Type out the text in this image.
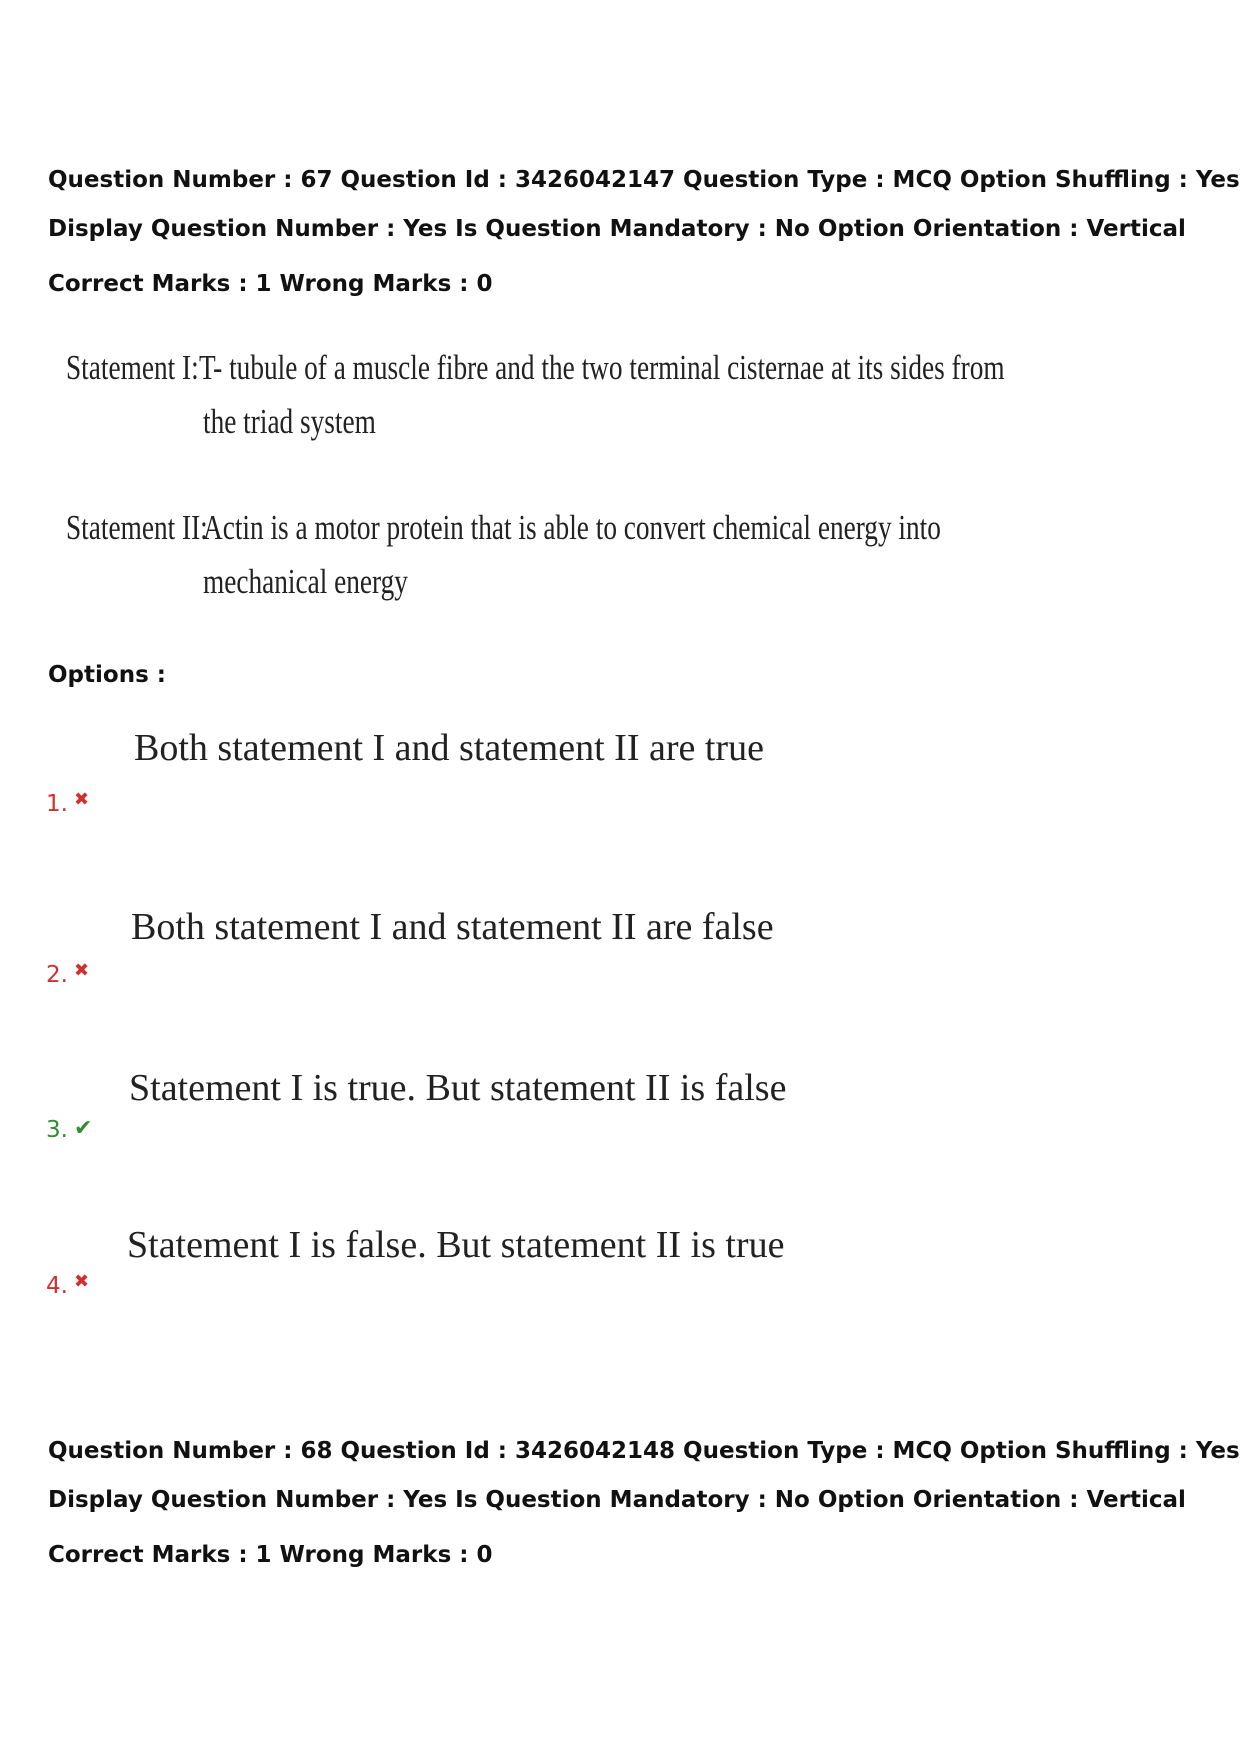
Question Number : 67 Question Id : 3426042147 Question Type : MCQ Option Shuffling : Yes
Display Question Number : Yes Is Question Mandatory : No Option Orientation : Vertical
Correct Marks : 1 Wrong Marks : 0
Statement I: T- tubule of a muscle fibre and the two terminal cisternae at its sides from
the triad system
Statement II:
Actin is a motor protein that is able to convert chemical energy into
mechanical energy
Options :
Both statement I and statement II are true
1. ✖
Both statement I and statement II are false
2. ✖
Statement I is true. But statement II is false
3. ✔
Statement I is false. But statement II is true
4. ✖
Question Number : 68 Question Id : 3426042148 Question Type : MCQ Option Shuffling : Yes
Display Question Number : Yes Is Question Mandatory : No Option Orientation : Vertical
Correct Marks : 1 Wrong Marks : 0
